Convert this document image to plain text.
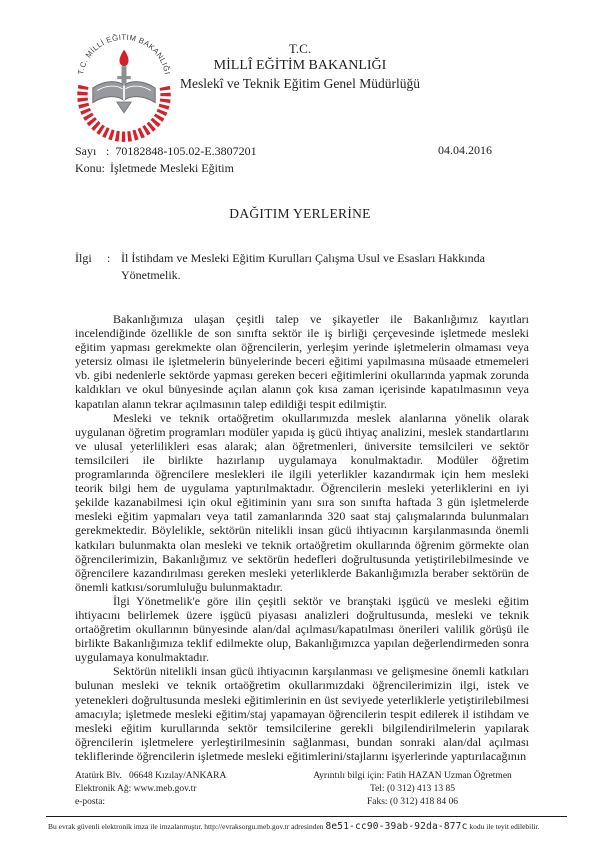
T.C. MİLLİ EĞİTİM BAKANLIĞI
T.C.
MİLLÎ EĞİTİM BAKANLIĞI
Meslekî ve Teknik Eğitim Genel Müdürlüğü
Sayı : 70182848-105.02-E.3807201
Konu: İşletmede Mesleki Eğitim
04.04.2016
DAĞITIM YERLERİNE
İlgi	: İl İstihdam ve Mesleki Eğitim Kurulları Çalışma Usul ve Esasları Hakkında
Yönetmelik.
Bakanlığımıza ulaşan çeşitli talep ve şikayetler ile Bakanlığımız kayıtları incelendiğinde özellikle de son sınıfta sektör ile iş birliği çerçevesinde işletmede mesleki eğitim yapması gerekmekte olan öğrencilerin, yerleşim yerinde işletmelerin olmaması veya yetersiz olması ile işletmelerin bünyelerinde beceri eğitimi yapılmasına müsaade etmemeleri vb. gibi nedenlerle sektörde yapması gereken beceri eğitimlerini okullarında yapmak zorunda kaldıkları ve okul bünyesinde açılan alanın çok kısa zaman içerisinde kapatılmasının veya kapatılan alanın tekrar açılmasının talep edildiği tespit edilmiştir.
Mesleki ve teknik ortaöğretim okullarımızda meslek alanlarına yönelik olarak uygulanan öğretim programları modüler yapıda iş gücü ihtiyaç analizini, meslek standartlarını ve ulusal yeterlilikleri esas alarak; alan öğretmenleri, üniversite temsilcileri ve sektör temsilcileri ile birlikte hazırlanıp uygulamaya konulmaktadır. Modüler öğretim programlarında öğrencilere meslekleri ile ilgili yeterlikler kazandırmak için hem mesleki teorik bilgi hem de uygulama yaptırılmaktadır. Öğrencilerin mesleki yeterliklerini en iyi şekilde kazanabilmesi için okul eğitiminin yanı sıra son sınıfta haftada 3 gün işletmelerde mesleki eğitim yapmaları veya tatil zamanlarında 320 saat staj çalışmalarında bulunmaları gerekmektedir. Böylelikle, sektörün nitelikli insan gücü ihtiyacının karşılanmasında önemli katkıları bulunmakta olan mesleki ve teknik ortaöğretim okullarında öğrenim görmekte olan öğrencilerimizin, Bakanlığımız ve sektörün hedefleri doğrultusunda yetiştirilebilmesinde ve öğrencilere kazandırılması gereken mesleki yeterliklerde Bakanlığımızla beraber sektörün de önemli katkısı/sorumluluğu bulunmaktadır.
İlgi Yönetmelik'e göre ilin çeşitli sektör ve branştaki işgücü ve mesleki eğitim ihtiyacını belirlemek üzere işgücü piyasası analizleri doğrultusunda, mesleki ve teknik ortaöğretim okullarının bünyesinde alan/dal açılması/kapatılması önerileri valilik görüşü ile birlikte Bakanlığımıza teklif edilmekte olup, Bakanlığımızca yapılan değerlendirmeden sonra uygulamaya konulmaktadır.
Sektörün nitelikli insan gücü ihtiyacının karşılanması ve gelişmesine önemli katkıları bulunan mesleki ve teknik ortaöğretim okullarımızdaki öğrencilerimizin ilgi, istek ve yetenekleri doğrultusunda mesleki eğitimlerinin en üst seviyede yeterliklerle yetiştirilebilmesi amacıyla; işletmede mesleki eğitim/staj yapamayan öğrencilerin tespit edilerek il istihdam ve mesleki eğitim kurullarında sektör temsilcilerine gerekli bilgilendirilmelerin yapılarak öğrencilerin işletmelere yerleştirilmesinin sağlanması, bundan sonraki alan/dal açılması tekliflerinde öğrencilerin işletmede mesleki eğitimlerini/stajlarını işyerlerinde yaptırılacağının
Atatürk Blv.   06648 Kızılay/ANKARA
Elektronik Ağ: www.meb.gov.tr
e-posta:
Ayrıntılı bilgi için: Fatih HAZAN Uzman Öğretmen
Tel: (0 312) 413 13 85
Faks: (0 312) 418 84 06
Bu evrak güvenli elektronik imza ile imzalanmıştır. http://evraksorgu.meb.gov.tr adresinden 8e51-cc90-39ab-92da-877c kodu ile teyit edilebilir.
